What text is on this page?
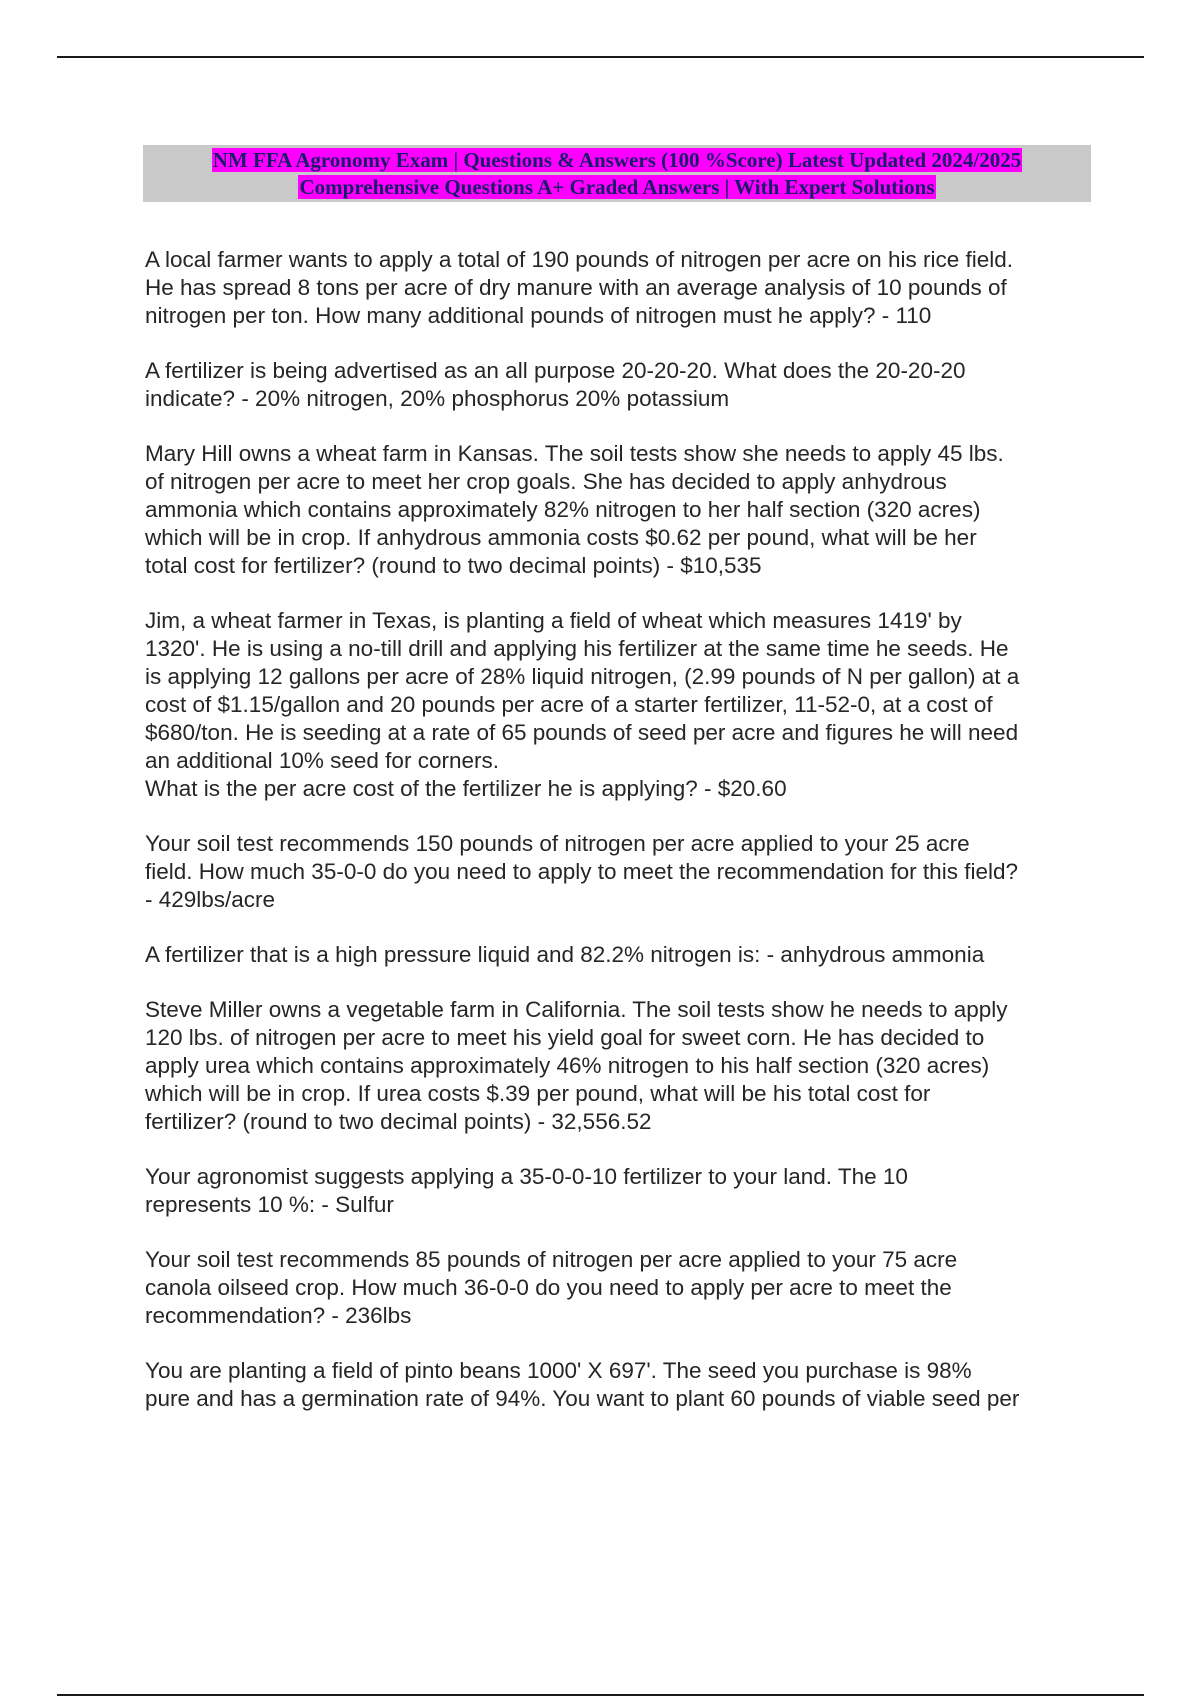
NM FFA Agronomy Exam | Questions & Answers (100 %Score) Latest Updated 2024/2025
Comprehensive Questions A+ Graded Answers | With Expert Solutions
A local farmer wants to apply a total of 190 pounds of nitrogen per acre on his rice field.
He has spread 8 tons per acre of dry manure with an average analysis of 10 pounds of
nitrogen per ton. How many additional pounds of nitrogen must he apply? - 110
A fertilizer is being advertised as an all purpose 20-20-20. What does the 20-20-20
indicate? - 20% nitrogen, 20% phosphorus 20% potassium
Mary Hill owns a wheat farm in Kansas. The soil tests show she needs to apply 45 lbs.
of nitrogen per acre to meet her crop goals. She has decided to apply anhydrous
ammonia which contains approximately 82% nitrogen to her half section (320 acres)
which will be in crop. If anhydrous ammonia costs $0.62 per pound, what will be her
total cost for fertilizer? (round to two decimal points) - $10,535
Jim, a wheat farmer in Texas, is planting a field of wheat which measures 1419' by
1320'. He is using a no-till drill and applying his fertilizer at the same time he seeds. He
is applying 12 gallons per acre of 28% liquid nitrogen, (2.99 pounds of N per gallon) at a
cost of $1.15/gallon and 20 pounds per acre of a starter fertilizer, 11-52-0, at a cost of
$680/ton. He is seeding at a rate of 65 pounds of seed per acre and figures he will need
an additional 10% seed for corners.
What is the per acre cost of the fertilizer he is applying? - $20.60
Your soil test recommends 150 pounds of nitrogen per acre applied to your 25 acre
field. How much 35-0-0 do you need to apply to meet the recommendation for this field?
- 429lbs/acre
A fertilizer that is a high pressure liquid and 82.2% nitrogen is: - anhydrous ammonia
Steve Miller owns a vegetable farm in California. The soil tests show he needs to apply
120 lbs. of nitrogen per acre to meet his yield goal for sweet corn. He has decided to
apply urea which contains approximately 46% nitrogen to his half section (320 acres)
which will be in crop. If urea costs $.39 per pound, what will be his total cost for
fertilizer? (round to two decimal points) - 32,556.52
Your agronomist suggests applying a 35-0-0-10 fertilizer to your land. The 10
represents 10 %: - Sulfur
Your soil test recommends 85 pounds of nitrogen per acre applied to your 75 acre
canola oilseed crop. How much 36-0-0 do you need to apply per acre to meet the
recommendation? - 236lbs
You are planting a field of pinto beans 1000' X 697'. The seed you purchase is 98%
pure and has a germination rate of 94%. You want to plant 60 pounds of viable seed per
